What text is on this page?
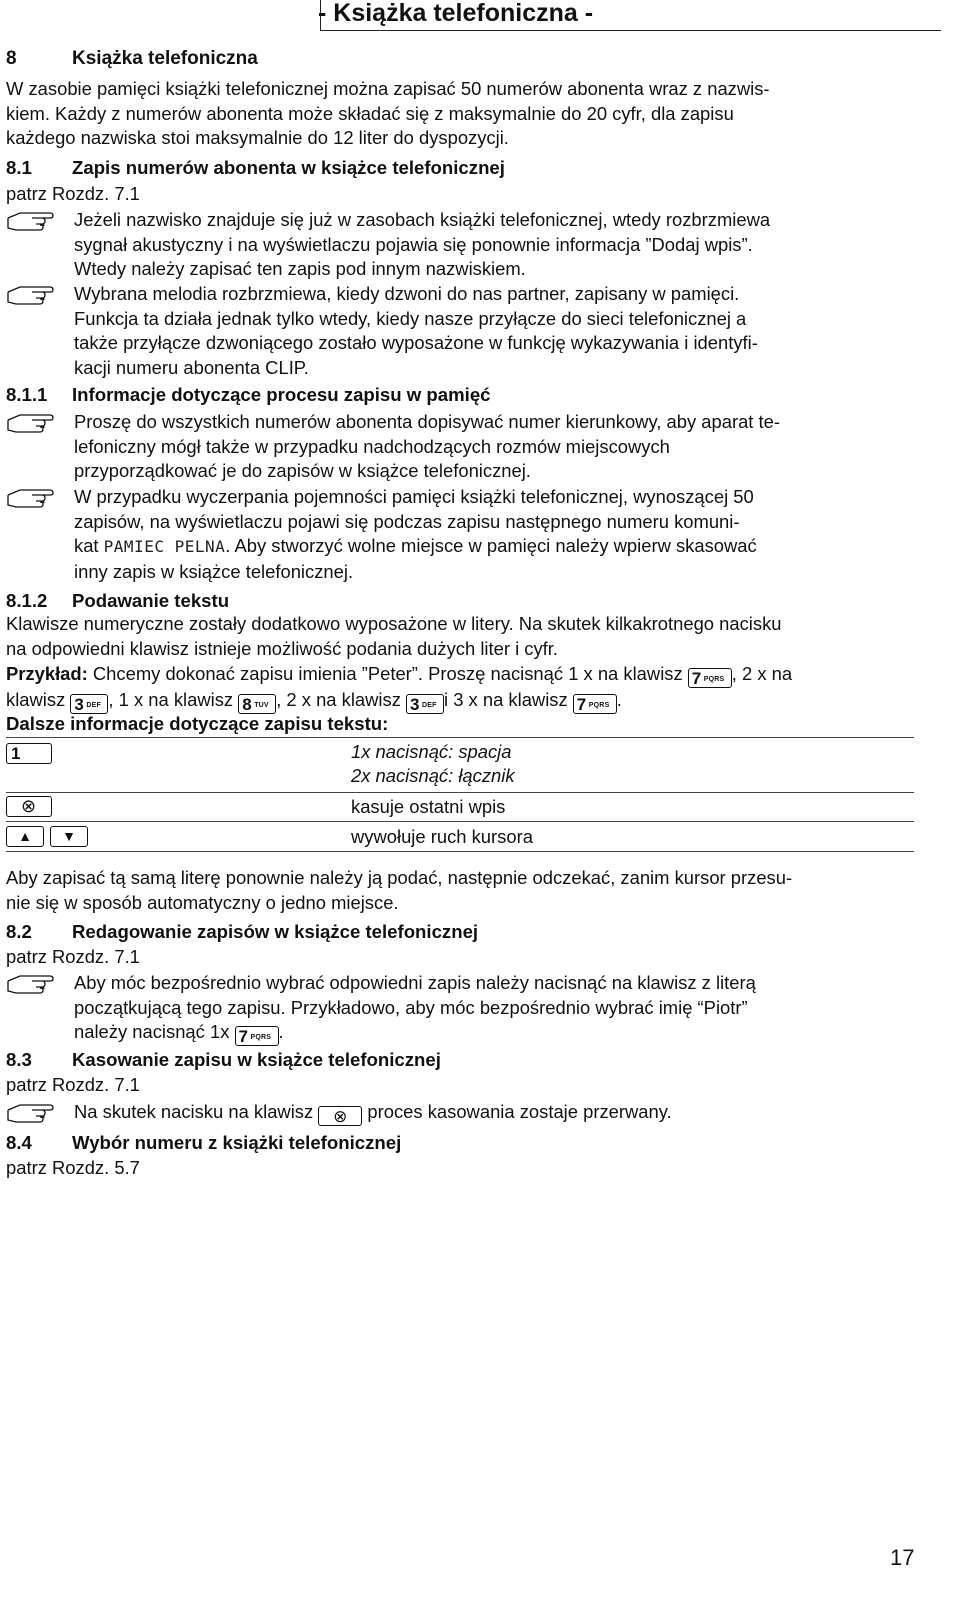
- Książka telefoniczna -
8	Książka telefoniczna
W zasobie pamięci książki telefonicznej można zapisać 50 numerów abonenta wraz z nazwis-
kiem. Każdy z numerów abonenta może składać się z maksymalnie do 20 cyfr, dla zapisu
każdego nazwiska stoi maksymalnie do 12 liter do dyspozycji.
8.1 Zapis numerów abonenta w książce telefonicznej
patrz Rozdz. 7.1
Jeżeli nazwisko znajduje się już w zasobach książki telefonicznej, wtedy rozbrzmiewa
sygnał akustyczny i na wyświetlaczu pojawia się ponownie informacja ”Dodaj wpis”.
Wtedy należy zapisać ten zapis pod innym nazwiskiem.
Wybrana melodia rozbrzmiewa, kiedy dzwoni do nas partner, zapisany w pamięci.
Funkcja ta działa jednak tylko wtedy, kiedy nasze przyłącze do sieci telefonicznej a
także przyłącze dzwoniącego zostało wyposażone w funkcję wykazywania i identyfi-
kacji numeru abonenta CLIP.
8.1.1 Informacje dotyczące procesu zapisu w pamięć
Proszę do wszystkich numerów abonenta dopisywać numer kierunkowy, aby aparat te-
lefoniczny mógł także w przypadku nadchodzących rozmów miejscowych
przyporządkować je do zapisów w książce telefonicznej.
W przypadku wyczerpania pojemności pamięci książki telefonicznej, wynoszącej 50
zapisów, na wyświetlaczu pojawi się podczas zapisu następnego numeru komuni-
kat PAMIEC PELNA. Aby stworzyć wolne miejsce w pamięci należy wpierw skasować
inny zapis w książce telefonicznej.
8.1.2 Podawanie tekstu
Klawisze numeryczne zostały dodatkowo wyposażone w litery. Na skutek kilkakrotnego nacisku
na odpowiedni klawisz istnieje możliwość podania dużych liter i cyfr.
Przykład: Chcemy dokonać zapisu imienia ”Peter”. Proszę nacisnąć 1 x na klawisz 7 PQRS , 2 x na
klawisz 3 DEF , 1 x na klawisz 8 TUV , 2 x na klawisz 3 DEF i 3 x na klawisz 7 PQRS .
Dalsze informacje dotyczące zapisu tekstu:
1	1x nacisnąć: spacja
2x nacisnąć: łącznik
⊗	kasuje ostatni wpis
▲	▼	wywołuje ruch kursora
Aby zapisać tą samą literę ponownie należy ją podać, następnie odczekać, zanim kursor przesu-
nie się w sposób automatyczny o jedno miejsce.
8.2 Redagowanie zapisów w książce telefonicznej
patrz Rozdz. 7.1
Aby móc bezpośrednio wybrać odpowiedni zapis należy nacisnąć na klawisz z literą
początkującą tego zapisu. Przykładowo, aby móc bezpośrednio wybrać imię “Piotr”
należy nacisnąć 1x 7 PQRS .
8.3 Kasowanie zapisu w książce telefonicznej
patrz Rozdz. 7.1
Na skutek nacisku na klawisz ⊗ proces kasowania zostaje przerwany.
8.4 Wybór numeru z książki telefonicznej
patrz Rozdz. 5.7
17
